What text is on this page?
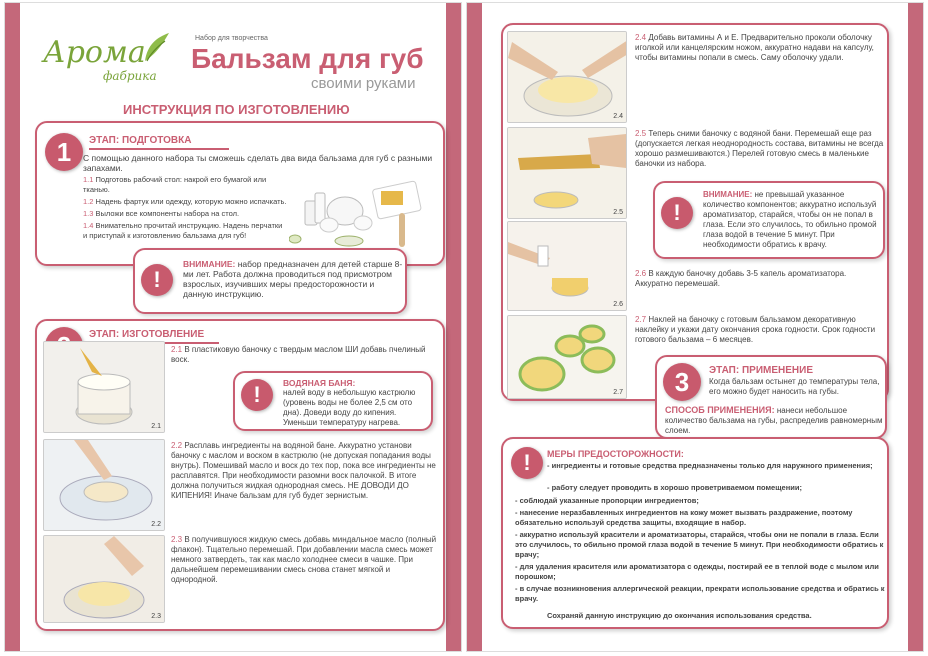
Арома
фабрика
Набор для творчества
Бальзам для губ
своими руками
ИНСТРУКЦИЯ ПО ИЗГОТОВЛЕНИЮ
1	ЭТАП: ПОДГОТОВКА
С помощью данного набора ты сможешь сделать два вида бальзама для губ с разными запахами.
1.1 Подготовь рабочий стол: накрой его бумагой или тканью.
1.2 Надень фартук или одежду, которую можно испачкать.
1.3 Выложи все компоненты набора на стол.
1.4 Внимательно прочитай инструкцию. Надень перчатки и приступай к изготовлению бальзама для губ!
!
ВНИМАНИЕ: набор предназначен для детей старше 8-ми лет. Работа должна проводиться под присмотром взрослых, изучивших меры предосторожности и данную инструкцию.
ЭТАП: ИЗГОТОВЛЕНИЕ
2.1
2.1 В пластиковую баночку с твердым маслом ШИ добавь пчелиный воск.
!	ВОДЯНАЯ БАНЯ:
налей воду в небольшую кастрюлю (уровень воды не более 2,5 см ото дна). Доведи воду до кипения. Уменьши температуру нагрева.
2.2
2.2 Расплавь ингредиенты на водяной бане. Аккуратно установи баночку с маслом и воском в кастрюлю (не допуская попадания воды внутрь). Помешивай масло и воск до тех пор, пока все ингредиенты не расплавятся. При необходимости разомни воск палочкой. В итоге должна получиться жидкая однородная смесь. НЕ ДОВОДИ ДО КИПЕНИЯ! Иначе бальзам для губ будет зернистым.
2.3
2.3 В получившуюся жидкую смесь добавь миндальное масло (полный флакон). Тщательно перемешай. При добавлении масла смесь может немного затвердеть, так как масло холоднее смеси в чашке. При дальнейшем перемешивании смесь снова станет мягкой и однородной.
2.4
2.4 Добавь витамины А и Е. Предварительно проколи оболочку иголкой или канцелярским ножом, аккуратно надави на капсулу, чтобы витамины попали в смесь. Саму оболочку удали.
2.5
2.5 Теперь сними баночку с водяной бани. Перемешай еще раз (допускается легкая неоднородность состава, витамины не всегда хорошо размешиваются.) Перелей готовую смесь в маленькие баночки из набора.
!
ВНИМАНИЕ: не превышай указанное количество компонентов; аккуратно используй ароматизатор, старайся, чтобы он не попал в глаза. Если это случилось, то обильно промой глаза водой в течение 5 минут. При необходимости обратись к врачу.
2.6
2.6 В каждую баночку добавь 3-5 капель ароматизатора. Аккуратно перемешай.
2.7
2.7 Наклей на баночку с готовым бальзамом декоративную наклейку и укажи дату окончания срока годности. Срок годности готового бальзама – 6 месяцев.
3	ЭТАП: ПРИМЕНЕНИЕ
Когда бальзам остынет до температуры тела, его можно будет наносить на губы.
СПОСОБ ПРИМЕНЕНИЯ: нанеси небольшое количество бальзама на губы, распределив равномерным слоем.
!	МЕРЫ ПРЕДОСТОРОЖНОСТИ:
- ингредиенты и готовые средства предназначены только для наружного применения;
- работу следует проводить в хорошо проветриваемом помещении;
- соблюдай указанные пропорции ингредиентов;
- нанесение неразбавленных ингредиентов на кожу может вызвать раздражение, поэтому обязательно используй средства защиты, входящие в набор.
- аккуратно используй красители и ароматизаторы, старайся, чтобы они не попали в глаза. Если это случилось, то обильно промой глаза водой в течение 5 минут. При необходимости обратись к врачу;
- для удаления красителя или ароматизатора с одежды, постирай ее в теплой воде с мылом или порошком;
- в случае возникновения аллергической реакции, прекрати использование средства и обратись к врачу.
Сохраняй данную инструкцию до окончания использования средства.
